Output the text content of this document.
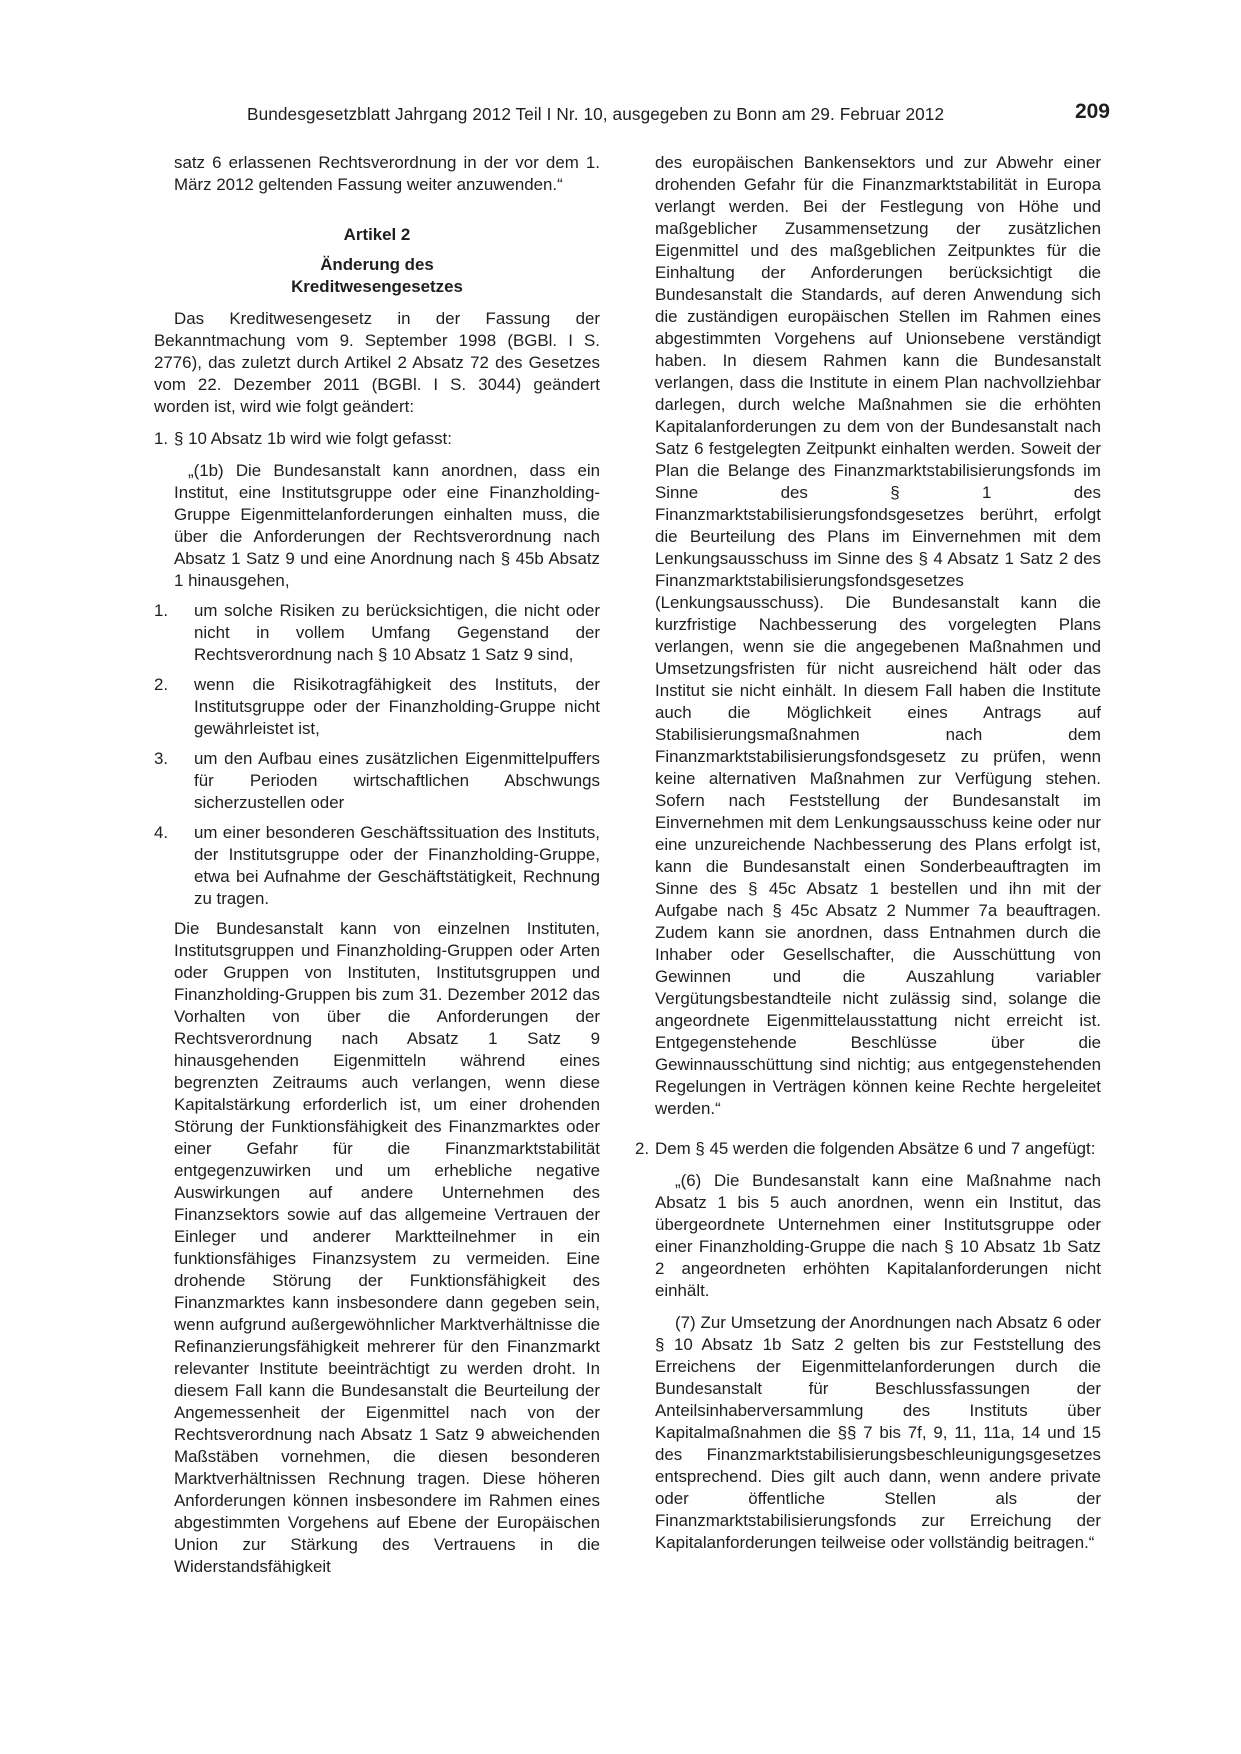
Bundesgesetzblatt Jahrgang 2012 Teil I Nr. 10, ausgegeben zu Bonn am 29. Februar 2012	209

satz 6 erlassenen Rechtsverordnung in der vor dem 1. März 2012 geltenden Fassung weiter anzuwenden.“

Artikel 2

Änderung des

Kreditwesengesetzes

Das Kreditwesengesetz in der Fassung der Bekanntmachung vom 9. September 1998 (BGBl. I S. 2776), das zuletzt durch Artikel 2 Absatz 72 des Gesetzes vom 22. Dezember 2011 (BGBl. I S. 3044) geändert worden ist, wird wie folgt geändert:

1. § 10 Absatz 1b wird wie folgt gefasst:

„(1b) Die Bundesanstalt kann anordnen, dass ein Institut, eine Institutsgruppe oder eine Finanzholding-Gruppe Eigenmittelanforderungen einhalten muss, die über die Anforderungen der Rechtsverordnung nach Absatz 1 Satz 9 und eine Anordnung nach § 45b Absatz 1 hinausgehen,

1. um solche Risiken zu berücksichtigen, die nicht oder nicht in vollem Umfang Gegenstand der Rechtsverordnung nach § 10 Absatz 1 Satz 9 sind,

2. wenn die Risikotragfähigkeit des Instituts, der Institutsgruppe oder der Finanzholding-Gruppe nicht gewährleistet ist,

3. um den Aufbau eines zusätzlichen Eigenmittelpuffers für Perioden wirtschaftlichen Abschwungs sicherzustellen oder

4. um einer besonderen Geschäftssituation des Instituts, der Institutsgruppe oder der Finanzholding-Gruppe, etwa bei Aufnahme der Geschäftstätigkeit, Rechnung zu tragen.

Die Bundesanstalt kann von einzelnen Instituten, Institutsgruppen und Finanzholding-Gruppen oder Arten oder Gruppen von Instituten, Institutsgruppen und Finanzholding-Gruppen bis zum 31. Dezember 2012 das Vorhalten von über die Anforderungen der Rechtsverordnung nach Absatz 1 Satz 9 hinausgehenden Eigenmitteln während eines begrenzten Zeitraums auch verlangen, wenn diese Kapitalstärkung erforderlich ist, um einer drohenden Störung der Funktionsfähigkeit des Finanzmarktes oder einer Gefahr für die Finanzmarktstabilität entgegenzuwirken und um erhebliche negative Auswirkungen auf andere Unternehmen des Finanzsektors sowie auf das allgemeine Vertrauen der Einleger und anderer Marktteilnehmer in ein funktionsfähiges Finanzsystem zu vermeiden. Eine drohende Störung der Funktionsfähigkeit des Finanzmarktes kann insbesondere dann gegeben sein, wenn aufgrund außergewöhnlicher Marktverhältnisse die Refinanzierungsfähigkeit mehrerer für den Finanzmarkt relevanter Institute beeinträchtigt zu werden droht. In diesem Fall kann die Bundesanstalt die Beurteilung der Angemessenheit der Eigenmittel nach von der Rechtsverordnung nach Absatz 1 Satz 9 abweichenden Maßstäben vornehmen, die diesen besonderen Marktverhältnissen Rechnung tragen. Diese höheren Anforderungen können insbesondere im Rahmen eines abgestimmten Vorgehens auf Ebene der Europäischen Union zur Stärkung des Vertrauens in die Widerstandsfähigkeit

des europäischen Bankensektors und zur Abwehr einer drohenden Gefahr für die Finanzmarktstabilität in Europa verlangt werden. Bei der Festlegung von Höhe und maßgeblicher Zusammensetzung der zusätzlichen Eigenmittel und des maßgeblichen Zeitpunktes für die Einhaltung der Anforderungen berücksichtigt die Bundesanstalt die Standards, auf deren Anwendung sich die zuständigen europäischen Stellen im Rahmen eines abgestimmten Vorgehens auf Unionsebene verständigt haben. In diesem Rahmen kann die Bundesanstalt verlangen, dass die Institute in einem Plan nachvollziehbar darlegen, durch welche Maßnahmen sie die erhöhten Kapitalanforderungen zu dem von der Bundesanstalt nach Satz 6 festgelegten Zeitpunkt einhalten werden. Soweit der Plan die Belange des Finanzmarktstabilisierungsfonds im Sinne des § 1 des Finanzmarktstabilisierungsfondsgesetzes berührt, erfolgt die Beurteilung des Plans im Einvernehmen mit dem Lenkungsausschuss im Sinne des § 4 Absatz 1 Satz 2 des Finanzmarktstabilisierungsfondsgesetzes (Lenkungsausschuss). Die Bundesanstalt kann die kurzfristige Nachbesserung des vorgelegten Plans verlangen, wenn sie die angegebenen Maßnahmen und Umsetzungsfristen für nicht ausreichend hält oder das Institut sie nicht einhält. In diesem Fall haben die Institute auch die Möglichkeit eines Antrags auf Stabilisierungsmaßnahmen nach dem Finanzmarktstabilisierungsfondsgesetz zu prüfen, wenn keine alternativen Maßnahmen zur Verfügung stehen. Sofern nach Feststellung der Bundesanstalt im Einvernehmen mit dem Lenkungsausschuss keine oder nur eine unzureichende Nachbesserung des Plans erfolgt ist, kann die Bundesanstalt einen Sonderbeauftragten im Sinne des § 45c Absatz 1 bestellen und ihn mit der Aufgabe nach § 45c Absatz 2 Nummer 7a beauftragen. Zudem kann sie anordnen, dass Entnahmen durch die Inhaber oder Gesellschafter, die Ausschüttung von Gewinnen und die Auszahlung variabler Vergütungsbestandteile nicht zulässig sind, solange die angeordnete Eigenmittelausstattung nicht erreicht ist. Entgegenstehende Beschlüsse über die Gewinnausschüttung sind nichtig; aus entgegenstehenden Regelungen in Verträgen können keine Rechte hergeleitet werden.“

2. Dem § 45 werden die folgenden Absätze 6 und 7 angefügt:

„(6) Die Bundesanstalt kann eine Maßnahme nach Absatz 1 bis 5 auch anordnen, wenn ein Institut, das übergeordnete Unternehmen einer Institutsgruppe oder einer Finanzholding-Gruppe die nach § 10 Absatz 1b Satz 2 angeordneten erhöhten Kapitalanforderungen nicht einhält.

(7) Zur Umsetzung der Anordnungen nach Absatz 6 oder § 10 Absatz 1b Satz 2 gelten bis zur Feststellung des Erreichens der Eigenmittelanforderungen durch die Bundesanstalt für Beschlussfassungen der Anteilsinhaberversammlung des Instituts über Kapitalmaßnahmen die §§ 7 bis 7f, 9, 11, 11a, 14 und 15 des Finanzmarktstabilisierungsbeschleunigungsgesetzes entsprechend. Dies gilt auch dann, wenn andere private oder öffentliche Stellen als der Finanzmarktstabilisierungsfonds zur Erreichung der Kapitalanforderungen teilweise oder vollständig beitragen.“
